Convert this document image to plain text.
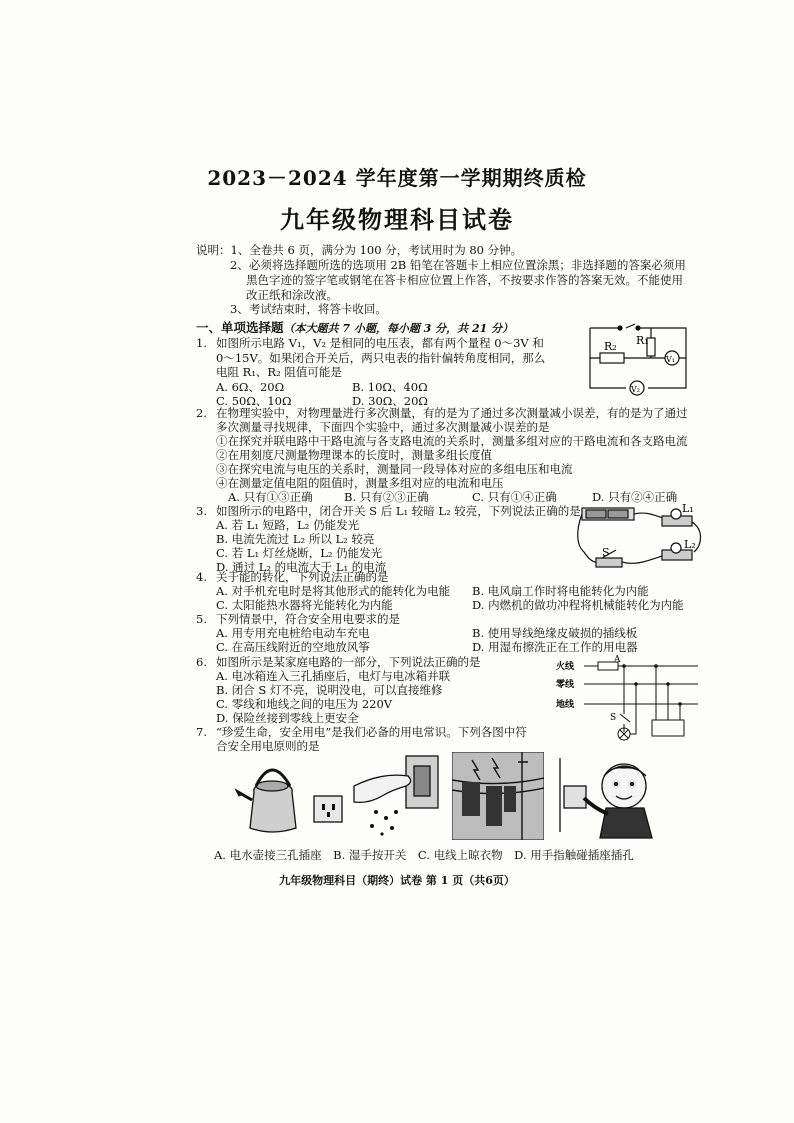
2023－2024 学年度第一学期期终质检
九年级物理科目试卷
说明：1、全卷共 6 页，满分为 100 分，考试用时为 80 分钟。
2、必须将选择题所选的选项用 2B 铅笔在答题卡上相应位置涂黑；非选择题的答案必须用
黑色字迹的签字笔或钢笔在答卡相应位置上作答，不按要求作答的答案无效。不能使用
改正纸和涂改液。
3、考试结束时，将答卡收回。
一、单项选择题（本大题共 7 小题，每小题 3 分，共 21 分）
1. 如图所示电路 V₁，V₂ 是相同的电压表，都有两个量程 0～3V 和
0～15V。如果闭合开关后，两只电表的指针偏转角度相同，那么
电阻 R₁、R₂ 阻值可能是
A. 6Ω、20Ω	B. 10Ω、40Ω
C. 50Ω、10Ω	D. 30Ω、20Ω
R₂ R₁
V₁
V₂
2. 在物理实验中，对物理量进行多次测量，有的是为了通过多次测量减小误差，有的是为了通过
多次测量寻找规律，下面四个实验中，通过多次测量减小误差的是
①在探究并联电路中干路电流与各支路电流的关系时，测量多组对应的干路电流和各支路电流
②在用刻度尺测量物理课本的长度时，测量多组长度值
③在探究电流与电压的关系时，测量同一段导体对应的多组电压和电流
④在测量定值电阻的阻值时，测量多组对应的电流和电压
A. 只有①③正确	B. 只有②③正确	C. 只有①④正确	D. 只有②④正确
3. 如图所示的电路中，闭合开关 S 后 L₁ 较暗 L₂ 较亮，下列说法正确的是
A. 若 L₁ 短路，L₂ 仍能发光
B. 电流先流过 L₂ 所以 L₂ 较亮
C. 若 L₁ 灯丝烧断，L₂ 仍能发光
D. 通过 L₂ 的电流大于 L₁ 的电流
L₁
L₂
S
4. 关于能的转化，下列说法正确的是
A. 对手机充电时是将其他形式的能转化为电能 B. 电风扇工作时将电能转化为内能
C. 太阳能热水器将光能转化为内能	D. 内燃机的做功冲程将机械能转化为内能
5. 下列情景中，符合安全用电要求的是
A. 用专用充电桩给电动车充电	B. 使用导线绝缘皮破损的插线板
C. 在高压线附近的空地放风筝	D. 用湿布擦洗正在工作的用电器
6. 如图所示是某家庭电路的一部分，下列说法正确的是
A. 电冰箱连入三孔插座后，电灯与电冰箱并联
B. 闭合 S 灯不亮，说明没电，可以直接维修
C. 零线和地线之间的电压为 220V
D. 保险丝接到零线上更安全
火线
零线
地线
S
A
7. “珍爱生命，安全用电”是我们必备的用电常识。下列各图中符
合安全用电原则的是
A. 电水壶接三孔插座　B. 湿手按开关　C. 电线上晾衣物　D. 用手指触碰插座插孔
九年级物理科目（期终）试卷 第 1 页（共6页）
